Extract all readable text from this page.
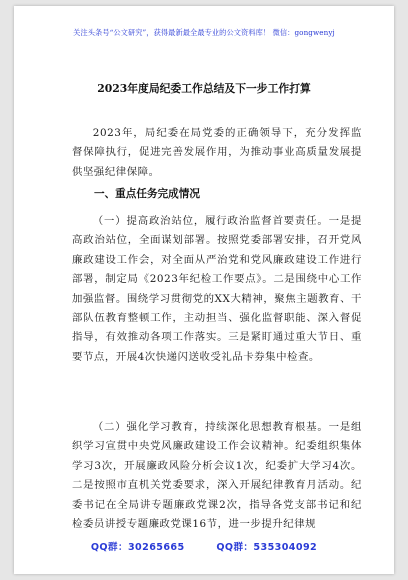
关注头条号“公文研究”，获得最新最全最专业的公文资料库！ 微信：gongwenyj
2023年度局纪委工作总结及下一步工作打算

2023年，局纪委在局党委的正确领导下，充分发挥监督保障执行，促进完善发展作用，为推动事业高质量发展提供坚强纪律保障。

一、重点任务完成情况

（一）提高政治站位，履行政治监督首要责任。一是提高政治站位，全面谋划部署。按照党委部署安排，召开党风廉政建设工作会，对全面从严治党和党风廉政建设工作进行部署，制定局《2023年纪检工作要点》。二是围绕中心工作加强监督。围绕学习贯彻党的XX大精神，聚焦主题教育、干部队伍教育整顿工作，主动担当、强化监督职能、深入督促指导，有效推动各项工作落实。三是紧盯通过重大节日、重要节点，开展4次快递闪送收受礼品卡券集中检查。

（二）强化学习教育，持续深化思想教育根基。一是组织学习宣贯中央党风廉政建设工作会议精神。纪委组织集体学习3次，开展廉政风险分析会议1次，纪委扩大学习4次。二是按照市直机关党委要求，深入开展纪律教育月活动。纪委书记在全局讲专题廉政党课2次，指导各党支部书记和纪检委员讲授专题廉政党课16节，进一步提升纪律规

QQ群：30265665	QQ群：535304092
